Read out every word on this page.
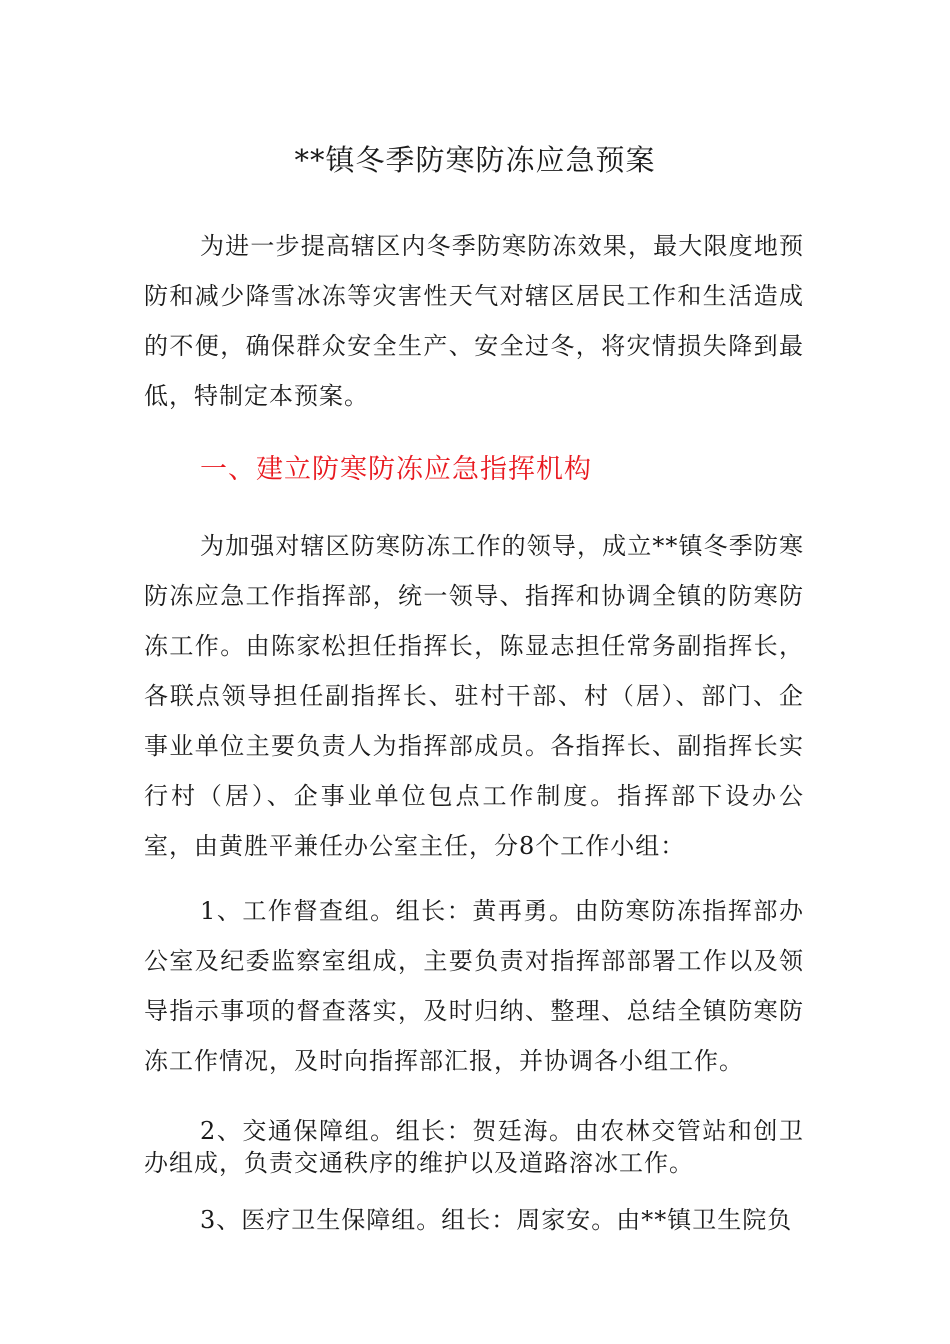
**镇冬季防寒防冻应急预案

为进一步提高辖区内冬季防寒防冻效果，最大限度地预防和减少降雪冰冻等灾害性天气对辖区居民工作和生活造成的不便，确保群众安全生产、安全过冬，将灾情损失降到最低，特制定本预案。

一、建立防寒防冻应急指挥机构

为加强对辖区防寒防冻工作的领导，成立**镇冬季防寒防冻应急工作指挥部，统一领导、指挥和协调全镇的防寒防冻工作。由陈家松担任指挥长，陈显志担任常务副指挥长，各联点领导担任副指挥长、驻村干部、村（居）、部门、企事业单位主要负责人为指挥部成员。各指挥长、副指挥长实行村（居）、企事业单位包点工作制度。指挥部下设办公室，由黄胜平兼任办公室主任，分8个工作小组：

1、工作督查组。组长：黄再勇。由防寒防冻指挥部办公室及纪委监察室组成，主要负责对指挥部部署工作以及领导指示事项的督查落实，及时归纳、整理、总结全镇防寒防冻工作情况，及时向指挥部汇报，并协调各小组工作。

2、交通保障组。组长：贺廷海。由农林交管站和创卫办组成，负责交通秩序的维护以及道路溶冰工作。

3、医疗卫生保障组。组长：周家安。由**镇卫生院负
